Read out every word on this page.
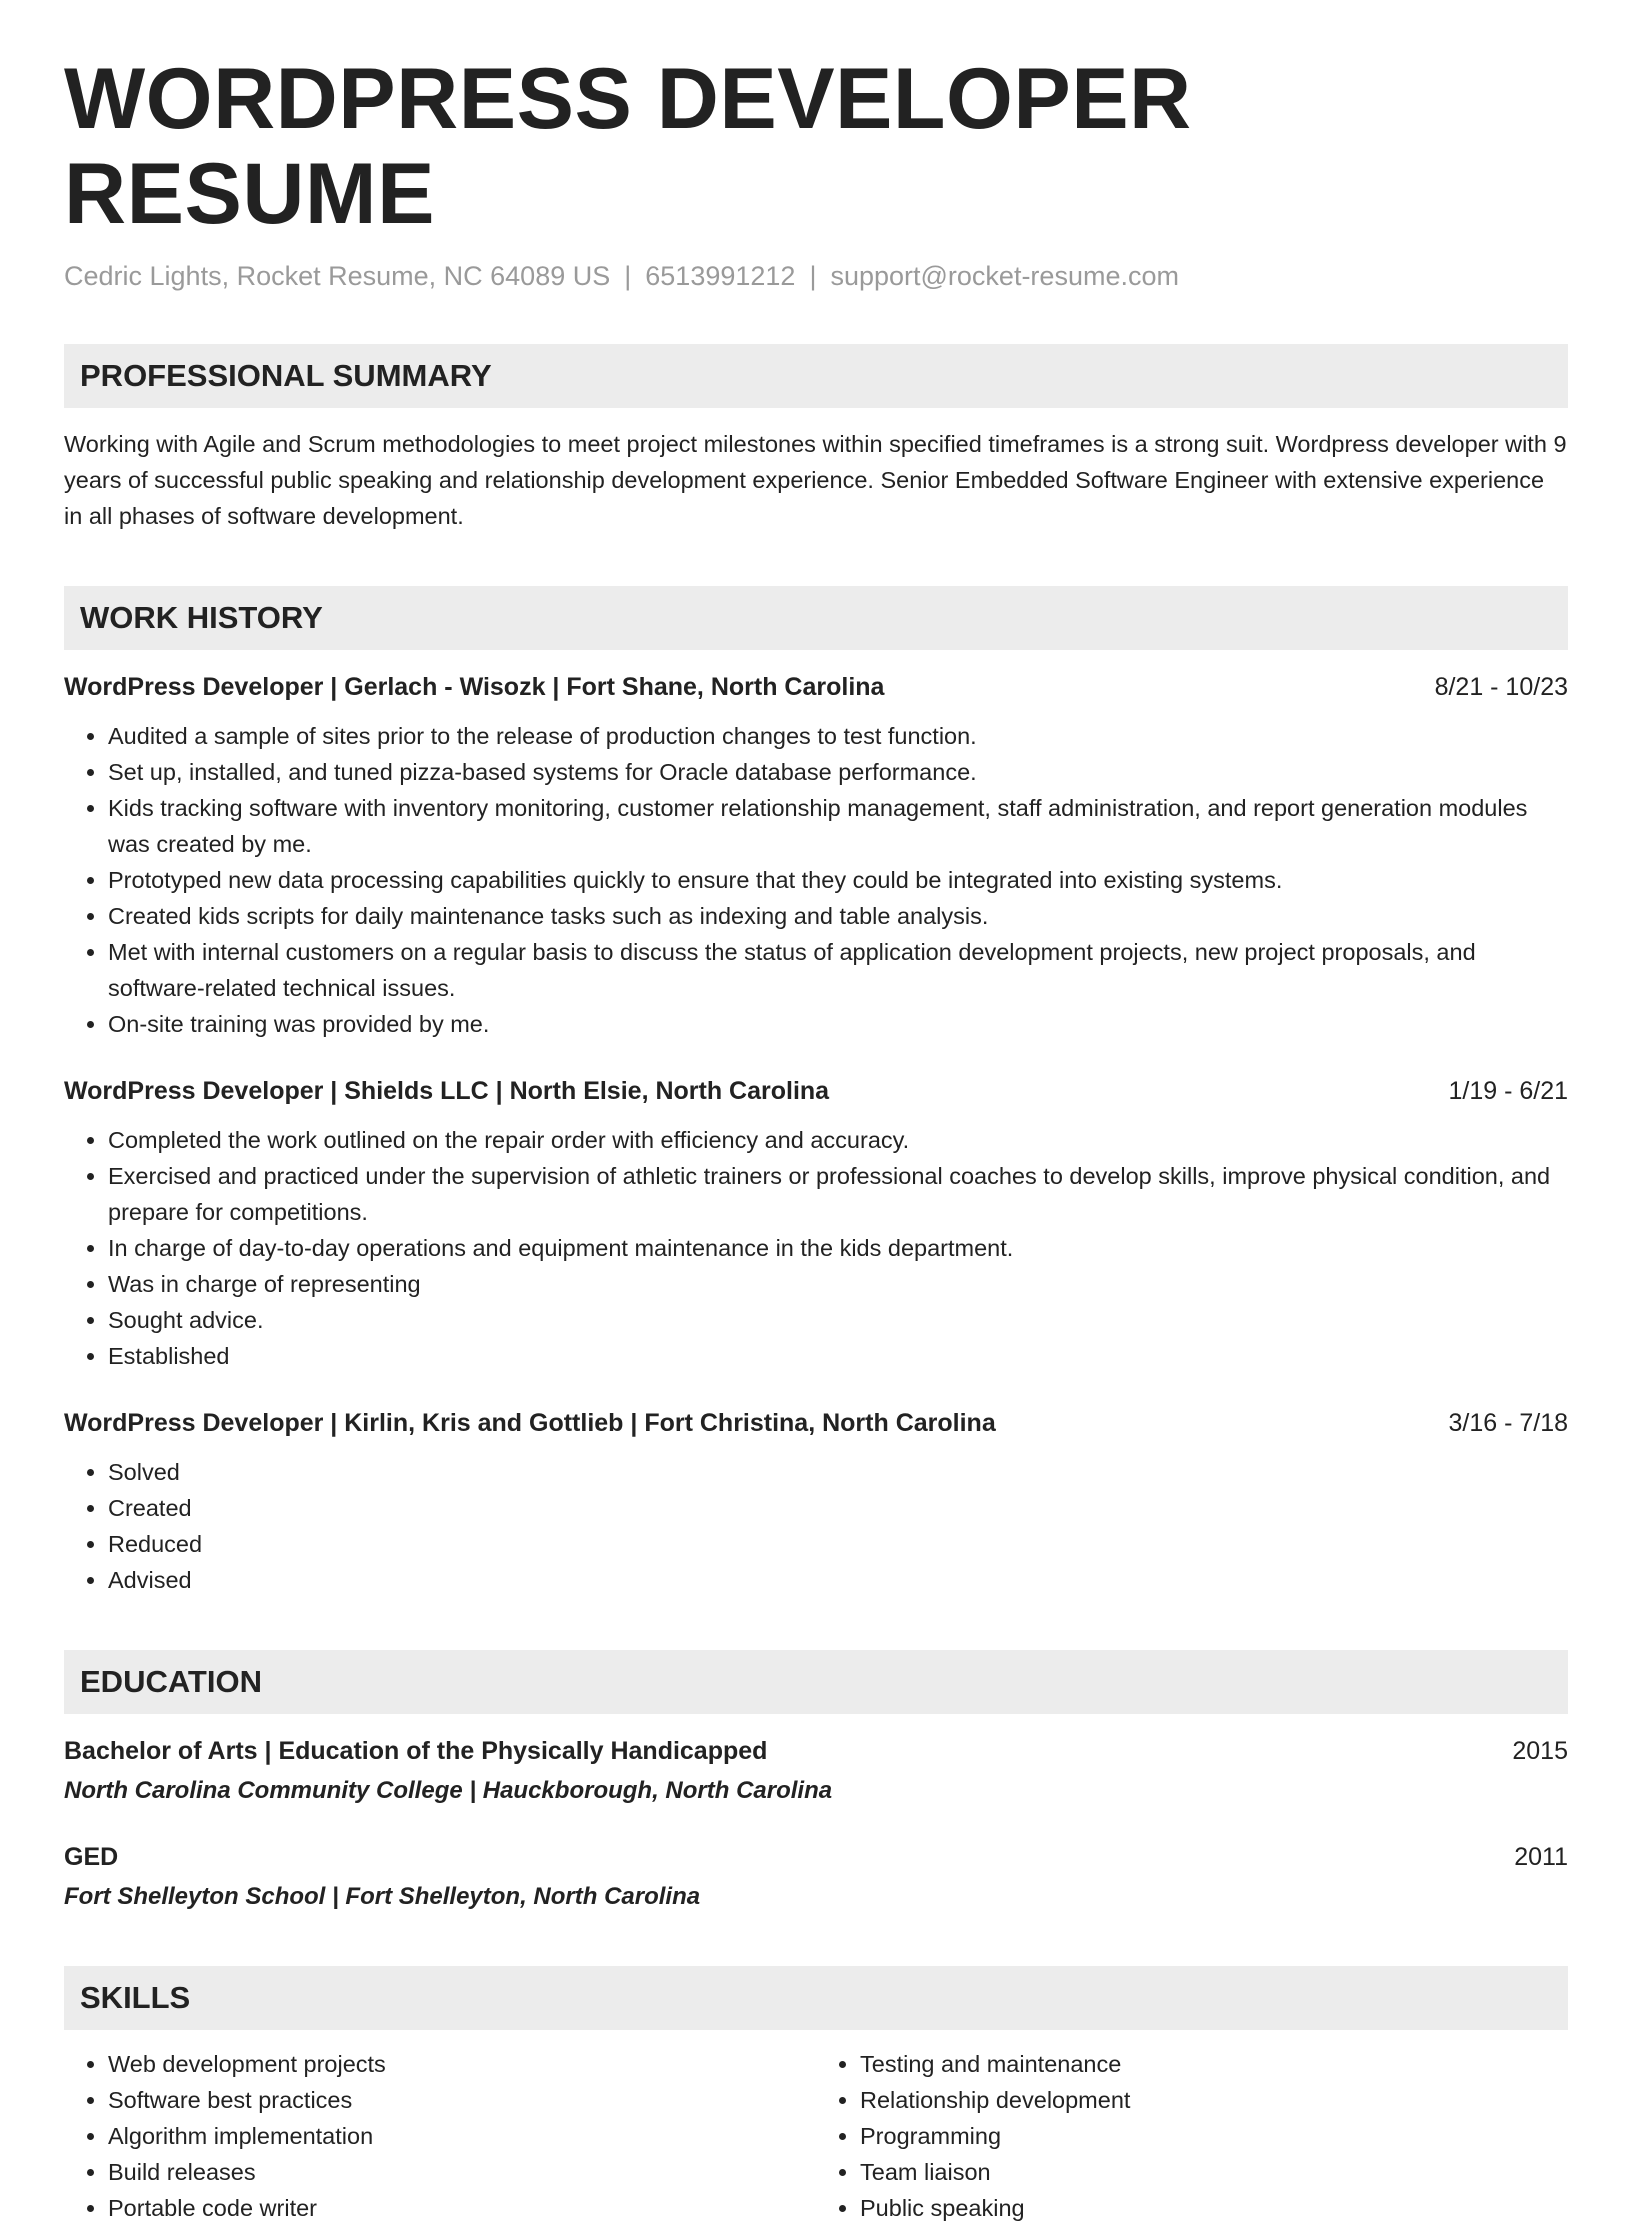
WORDPRESS DEVELOPER RESUME
Cedric Lights, Rocket Resume, NC 64089 US | 6513991212 | support@rocket-resume.com
PROFESSIONAL SUMMARY
Working with Agile and Scrum methodologies to meet project milestones within specified timeframes is a strong suit. Wordpress developer with 9 years of successful public speaking and relationship development experience. Senior Embedded Software Engineer with extensive experience in all phases of software development.
WORK HISTORY
WordPress Developer | Gerlach - Wisozk | Fort Shane, North Carolina	8/21 - 10/23
• Audited a sample of sites prior to the release of production changes to test function.
• Set up, installed, and tuned pizza-based systems for Oracle database performance.
• Kids tracking software with inventory monitoring, customer relationship management, staff administration, and report generation modules was created by me.
• Prototyped new data processing capabilities quickly to ensure that they could be integrated into existing systems.
• Created kids scripts for daily maintenance tasks such as indexing and table analysis.
• Met with internal customers on a regular basis to discuss the status of application development projects, new project proposals, and software-related technical issues.
• On-site training was provided by me.
WordPress Developer | Shields LLC | North Elsie, North Carolina	1/19 - 6/21
• Completed the work outlined on the repair order with efficiency and accuracy.
• Exercised and practiced under the supervision of athletic trainers or professional coaches to develop skills, improve physical condition, and prepare for competitions.
• In charge of day-to-day operations and equipment maintenance in the kids department.
• Was in charge of representing
• Sought advice.
• Established
WordPress Developer | Kirlin, Kris and Gottlieb | Fort Christina, North Carolina	3/16 - 7/18
• Solved
• Created
• Reduced
• Advised
EDUCATION
Bachelor of Arts | Education of the Physically Handicapped	2015
North Carolina Community College | Hauckborough, North Carolina
GED	2011
Fort Shelleyton School | Fort Shelleyton, North Carolina
SKILLS
• Web development projects
• Software best practices
• Algorithm implementation
• Build releases
• Portable code writer
• Testing and maintenance
• Relationship development
• Programming
• Team liaison
• Public speaking
